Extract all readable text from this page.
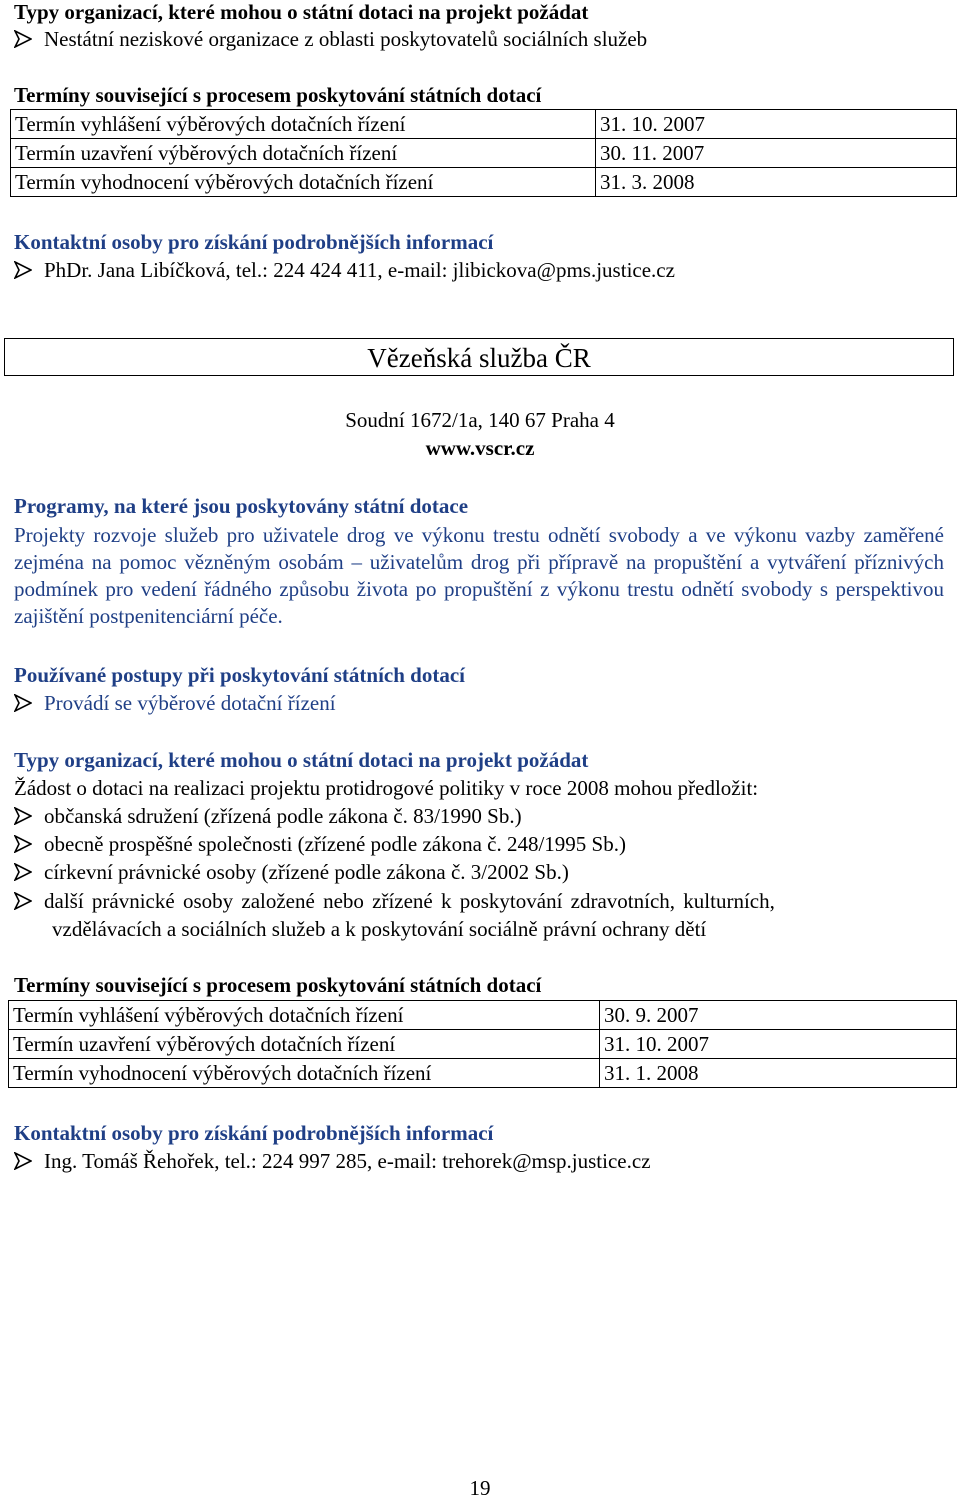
Typy organizací, které mohou o státní dotaci na projekt požádat
Nestátní neziskové organizace z oblasti poskytovatelů sociálních služeb
Termíny související s procesem poskytování státních dotací
Termín vyhlášení výběrových dotačních řízení	31. 10. 2007
Termín uzavření výběrových dotačních řízení	30. 11. 2007
Termín vyhodnocení výběrových dotačních řízení	31. 3. 2008
Kontaktní osoby pro získání podrobnějších informací
PhDr. Jana Libíčková, tel.: 224 424 411, e-mail: jlibickova@pms.justice.cz
Vězeňská služba ČR
Soudní 1672/1a, 140 67 Praha 4
www.vscr.cz
Programy, na které jsou poskytovány státní dotace
Projekty rozvoje služeb pro uživatele drog ve výkonu trestu odnětí svobody a ve výkonu vazby zaměřené zejména na pomoc vězněným osobám – uživatelům drog při přípravě na propuštění a vytváření příznivých podmínek pro vedení řádného způsobu života po propuštění z výkonu trestu odnětí svobody s perspektivou zajištění postpenitenciární péče.
Používané postupy při poskytování státních dotací
Provádí se výběrové dotační řízení
Typy organizací, které mohou o státní dotaci na projekt požádat
Žádost o dotaci na realizaci projektu protidrogové politiky v roce 2008 mohou předložit:
občanská sdružení (zřízená podle zákona č. 83/1990 Sb.)
obecně prospěšné společnosti (zřízené podle zákona č. 248/1995 Sb.)
církevní právnické osoby (zřízené podle zákona č. 3/2002 Sb.)
další právnické osoby založené nebo zřízené k poskytování zdravotních, kulturních,
vzdělávacích a sociálních služeb a k poskytování sociálně právní ochrany dětí
Termíny související s procesem poskytování státních dotací
Termín vyhlášení výběrových dotačních řízení	30. 9. 2007
Termín uzavření výběrových dotačních řízení	31. 10. 2007
Termín vyhodnocení výběrových dotačních řízení	31. 1. 2008
Kontaktní osoby pro získání podrobnějších informací
Ing. Tomáš Řehořek, tel.: 224 997 285, e-mail: trehorek@msp.justice.cz
19
